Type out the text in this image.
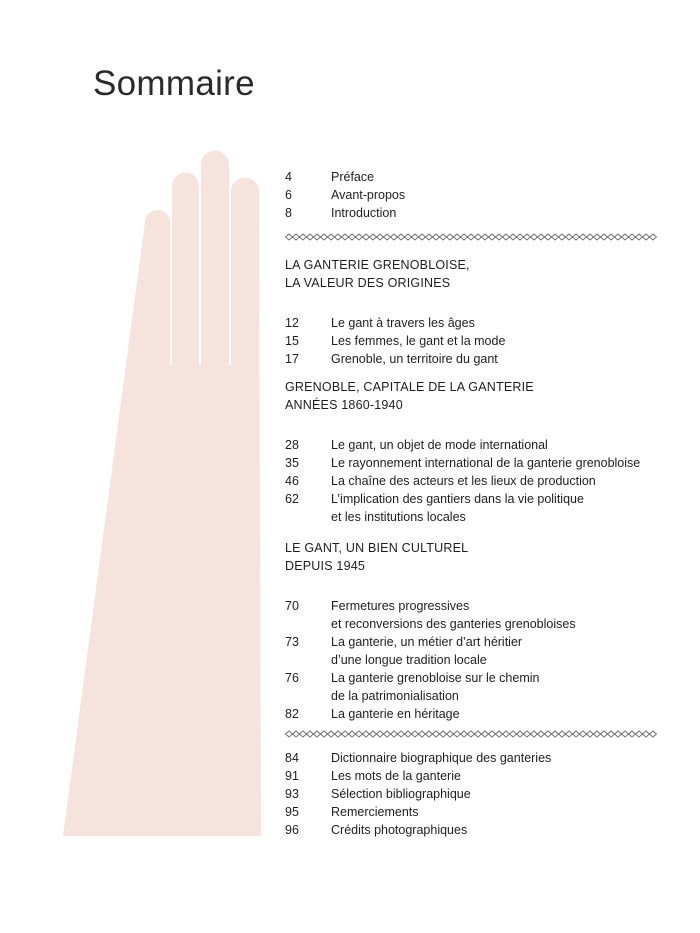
Sommaire
4	Préface
6	Avant-propos
8	Introduction
LA GANTERIE GRENOBLOISE,
LA VALEUR DES ORIGINES
12	Le gant à travers les âges
15	Les femmes, le gant et la mode
17	Grenoble, un territoire du gant
GRENOBLE, CAPITALE DE LA GANTERIE
ANNÉES 1860-1940
28	Le gant, un objet de mode international
35	Le rayonnement international de la ganterie grenobloise
46	La chaîne des acteurs et les lieux de production
62	L’implication des gantiers dans la vie politique
et les institutions locales
LE GANT, UN BIEN CULTUREL
DEPUIS 1945
70	Fermetures progressives
et reconversions des ganteries grenobloises
73	La ganterie, un métier d’art héritier
d’une longue tradition locale
76	La ganterie grenobloise sur le chemin
de la patrimonialisation
82	La ganterie en héritage
84	Dictionnaire biographique des ganteries
91	Les mots de la ganterie
93	Sélection bibliographique
95	Remerciements
96	Crédits photographiques
